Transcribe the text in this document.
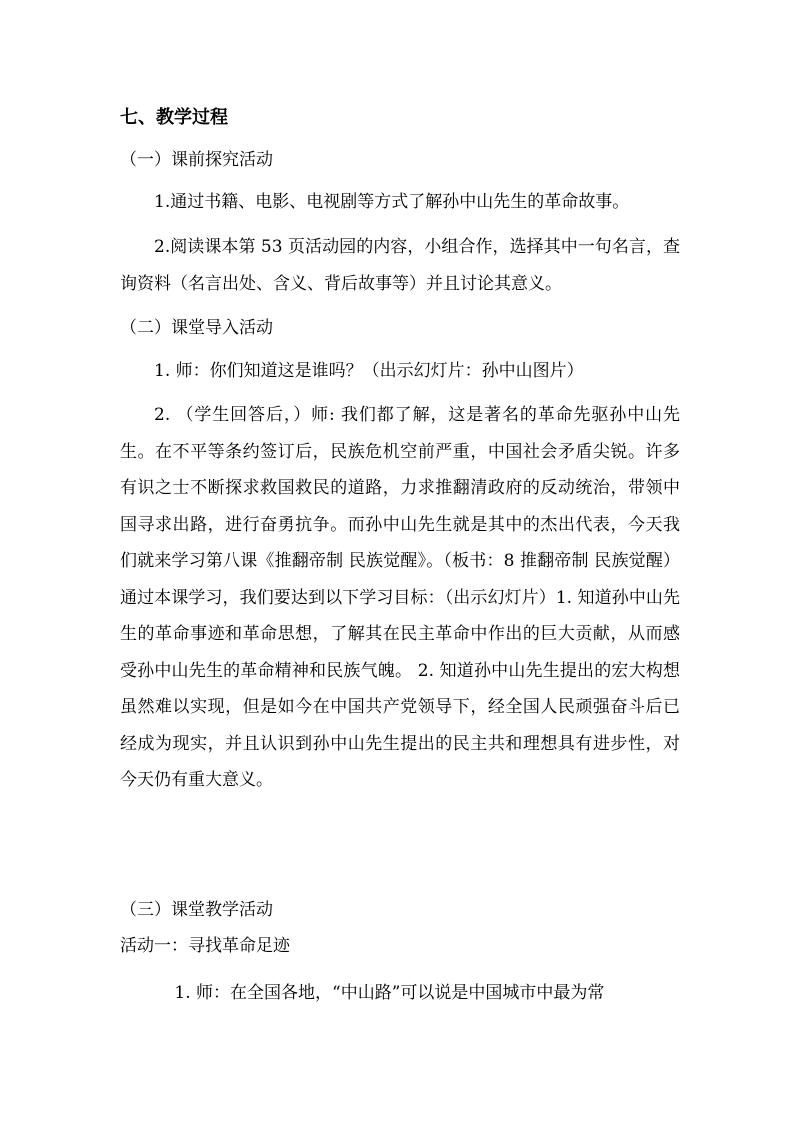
七、教学过程
（一）课前探究活动
1.通过书籍、电影、电视剧等方式了解孙中山先生的革命故事。
2.阅读课本第 53 页活动园的内容，小组合作，选择其中一句名言，查询资料（名言出处、含义、背后故事等）并且讨论其意义。
（二）课堂导入活动
1. 师：你们知道这是谁吗？（出示幻灯片：孙中山图片）
2. （学生回答后，）师: 我们都了解，这是著名的革命先驱孙中山先生。在不平等条约签订后，民族危机空前严重，中国社会矛盾尖锐。许多有识之士不断探求救国救民的道路，力求推翻清政府的反动统治，带领中国寻求出路，进行奋勇抗争。而孙中山先生就是其中的杰出代表，今天我们就来学习第八课《推翻帝制 民族觉醒》。（板书：8 推翻帝制 民族觉醒）通过本课学习，我们要达到以下学习目标：（出示幻灯片）1. 知道孙中山先生的革命事迹和革命思想，了解其在民主革命中作出的巨大贡献，从而感受孙中山先生的革命精神和民族气魄。 2. 知道孙中山先生提出的宏大构想虽然难以实现，但是如今在中国共产党领导下，经全国人民顽强奋斗后已经成为现实，并且认识到孙中山先生提出的民主共和理想具有进步性，对今天仍有重大意义。
（三）课堂教学活动
活动一：寻找革命足迹
1. 师：在全国各地，“中山路”可以说是中国城市中最为常
